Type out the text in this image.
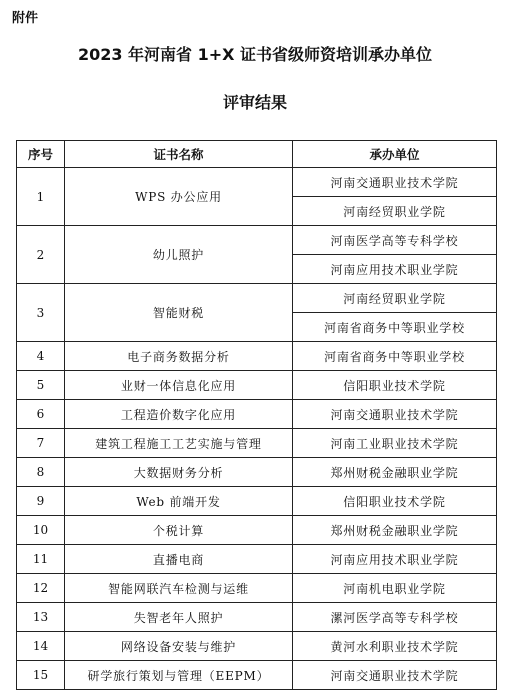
附件
2023 年河南省 1+X 证书省级师资培训承办单位
评审结果
序号	证书名称	承办单位
1	WPS 办公应用	河南交通职业技术学院
		河南经贸职业学院
2	幼儿照护	河南医学高等专科学校
		河南应用技术职业学院
3	智能财税	河南经贸职业学院
		河南省商务中等职业学校
4	电子商务数据分析	河南省商务中等职业学校
5	业财一体信息化应用	信阳职业技术学院
6	工程造价数字化应用	河南交通职业技术学院
7	建筑工程施工工艺实施与管理	河南工业职业技术学院
8	大数据财务分析	郑州财税金融职业学院
9	Web 前端开发	信阳职业技术学院
10	个税计算	郑州财税金融职业学院
11	直播电商	河南应用技术职业学院
12	智能网联汽车检测与运维	河南机电职业学院
13	失智老年人照护	漯河医学高等专科学校
14	网络设备安装与维护	黄河水利职业技术学院
15	研学旅行策划与管理（EEPM）	河南交通职业技术学院
